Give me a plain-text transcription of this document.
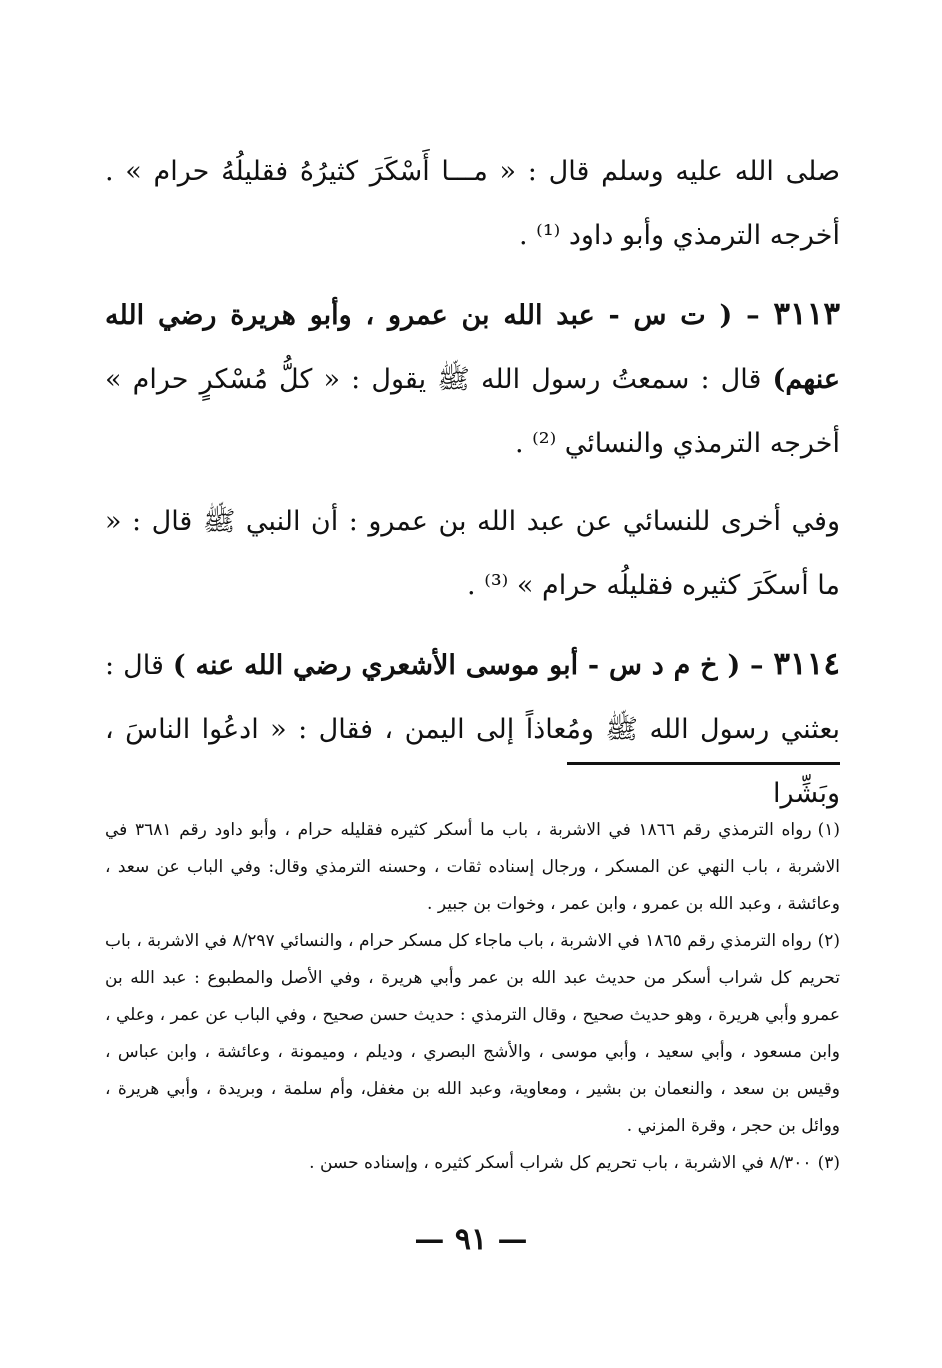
صلى الله عليه وسلم قال : « مـــا أَسْكَرَ كثيرُهُ فقليلُهُ حرام » . أخرجه الترمذي وأبو داود ⁽¹⁾ .

٣١١٣ – ( ت س - عبد الله بن عمرو ، وأبو هريرة رضي الله عنهم) قال : سمعتُ رسول الله ﷺ يقول : « كلُّ مُسْكرٍ حرام » أخرجه الترمذي والنسائي ⁽²⁾ .

وفي أخرى للنسائي عن عبد الله بن عمرو : أن النبي ﷺ قال : « ما أسكَرَ كثيره فقليلُه حرام » ⁽³⁾ .

٣١١٤ – ( خ م د س - أبو موسى الأشعري رضي الله عنه ) قال : بعثني رسول الله ﷺ ومُعاذاً إلى اليمن ، فقال : « ادعُوا الناسَ ، وبَشِّرا

(١)رواه الترمذي رقم ١٨٦٦ في الاشربة ، باب ما أسكر كثيره فقليله حرام ، وأبو داود رقم ٣٦٨١ في الاشربة ، باب النهي عن المسكر ، ورجال إسناده ثقات ، وحسنه الترمذي وقال: وفي الباب عن سعد ، وعائشة ، وعبد الله بن عمرو ، وابن عمر ، وخوات بن جبير .

(٢)رواه الترمذي رقم ١٨٦٥ في الاشربة ، باب ماجاء كل مسكر حرام ، والنسائي ٨/٢٩٧ في الاشربة ، باب تحريم كل شراب أسكر من حديث عبد الله بن عمر وأبي هريرة ، وفي الأصل والمطبوع : عبد الله بن عمرو وأبي هريرة ، وهو حديث صحيح ، وقال الترمذي : حديث حسن صحيح ، وفي الباب عن عمر ، وعلي ، وابن مسعود ، وأبي سعيد ، وأبي موسى ، والأشج البصري ، وديلم ، وميمونة ، وعائشة ، وابن عباس ، وقيس بن سعد ، والنعمان بن بشير ، ومعاوية، وعبد الله بن مغفل، وأم سلمة ، وبريدة ، وأبي هريرة ، ووائل بن حجر ، وقرة المزني .

(٣)٨/٣٠٠ في الاشربة ، باب تحريم كل شراب أسكر كثيره ، وإسناده حسن .

— ٩١ —
